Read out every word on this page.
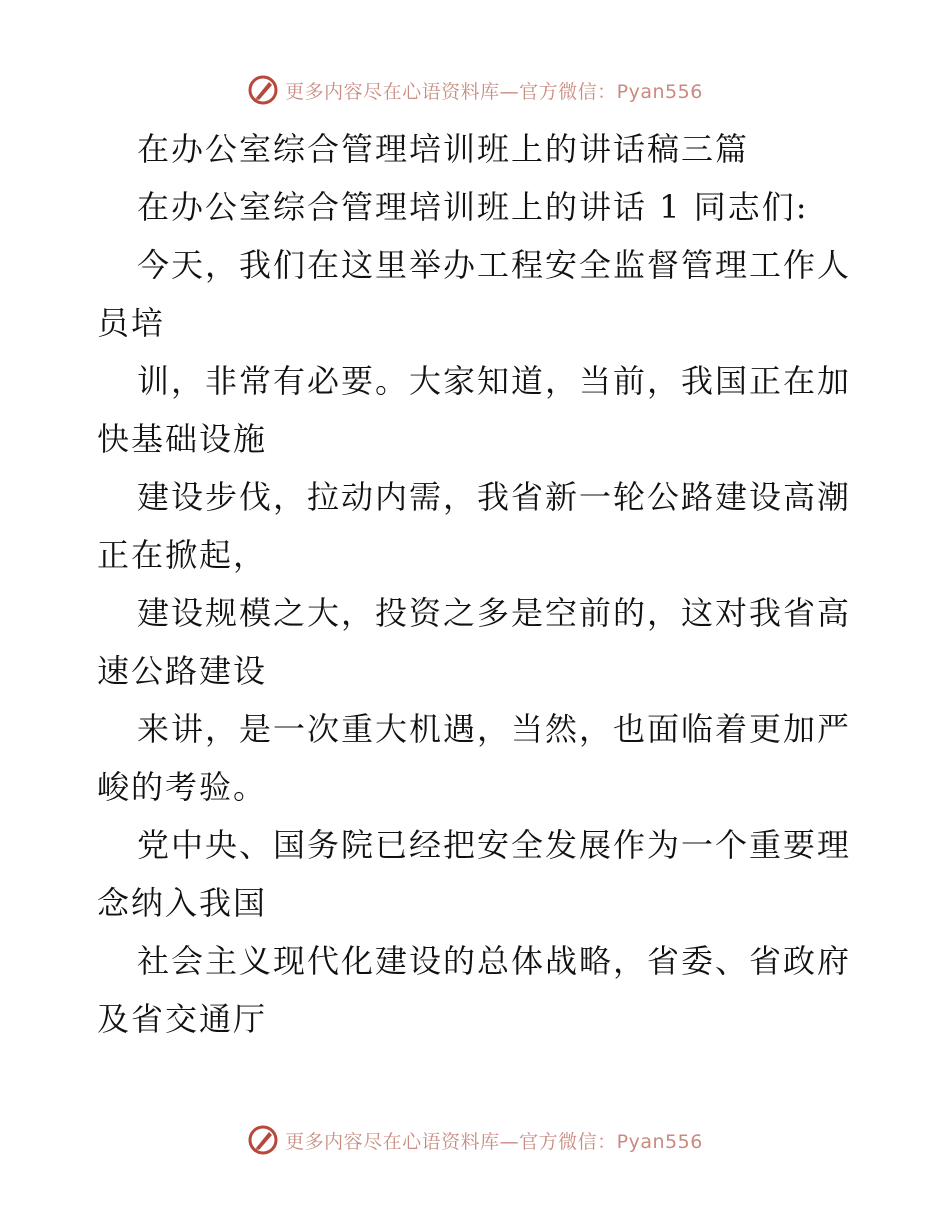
更多内容尽在心语资料库—官方微信：Pyan556
在办公室综合管理培训班上的讲话稿三篇
在办公室综合管理培训班上的讲话 1 同志们:
今天，我们在这里举办工程安全监督管理工作人
员培
训，非常有必要。大家知道，当前，我国正在加
快基础设施
建设步伐，拉动内需，我省新一轮公路建设高潮
正在掀起，
建设规模之大，投资之多是空前的，这对我省高
速公路建设
来讲，是一次重大机遇，当然，也面临着更加严
峻的考验。
党中央、国务院已经把安全发展作为一个重要理
念纳入我国
社会主义现代化建设的总体战略，省委、省政府
及省交通厅
更多内容尽在心语资料库—官方微信：Pyan556
